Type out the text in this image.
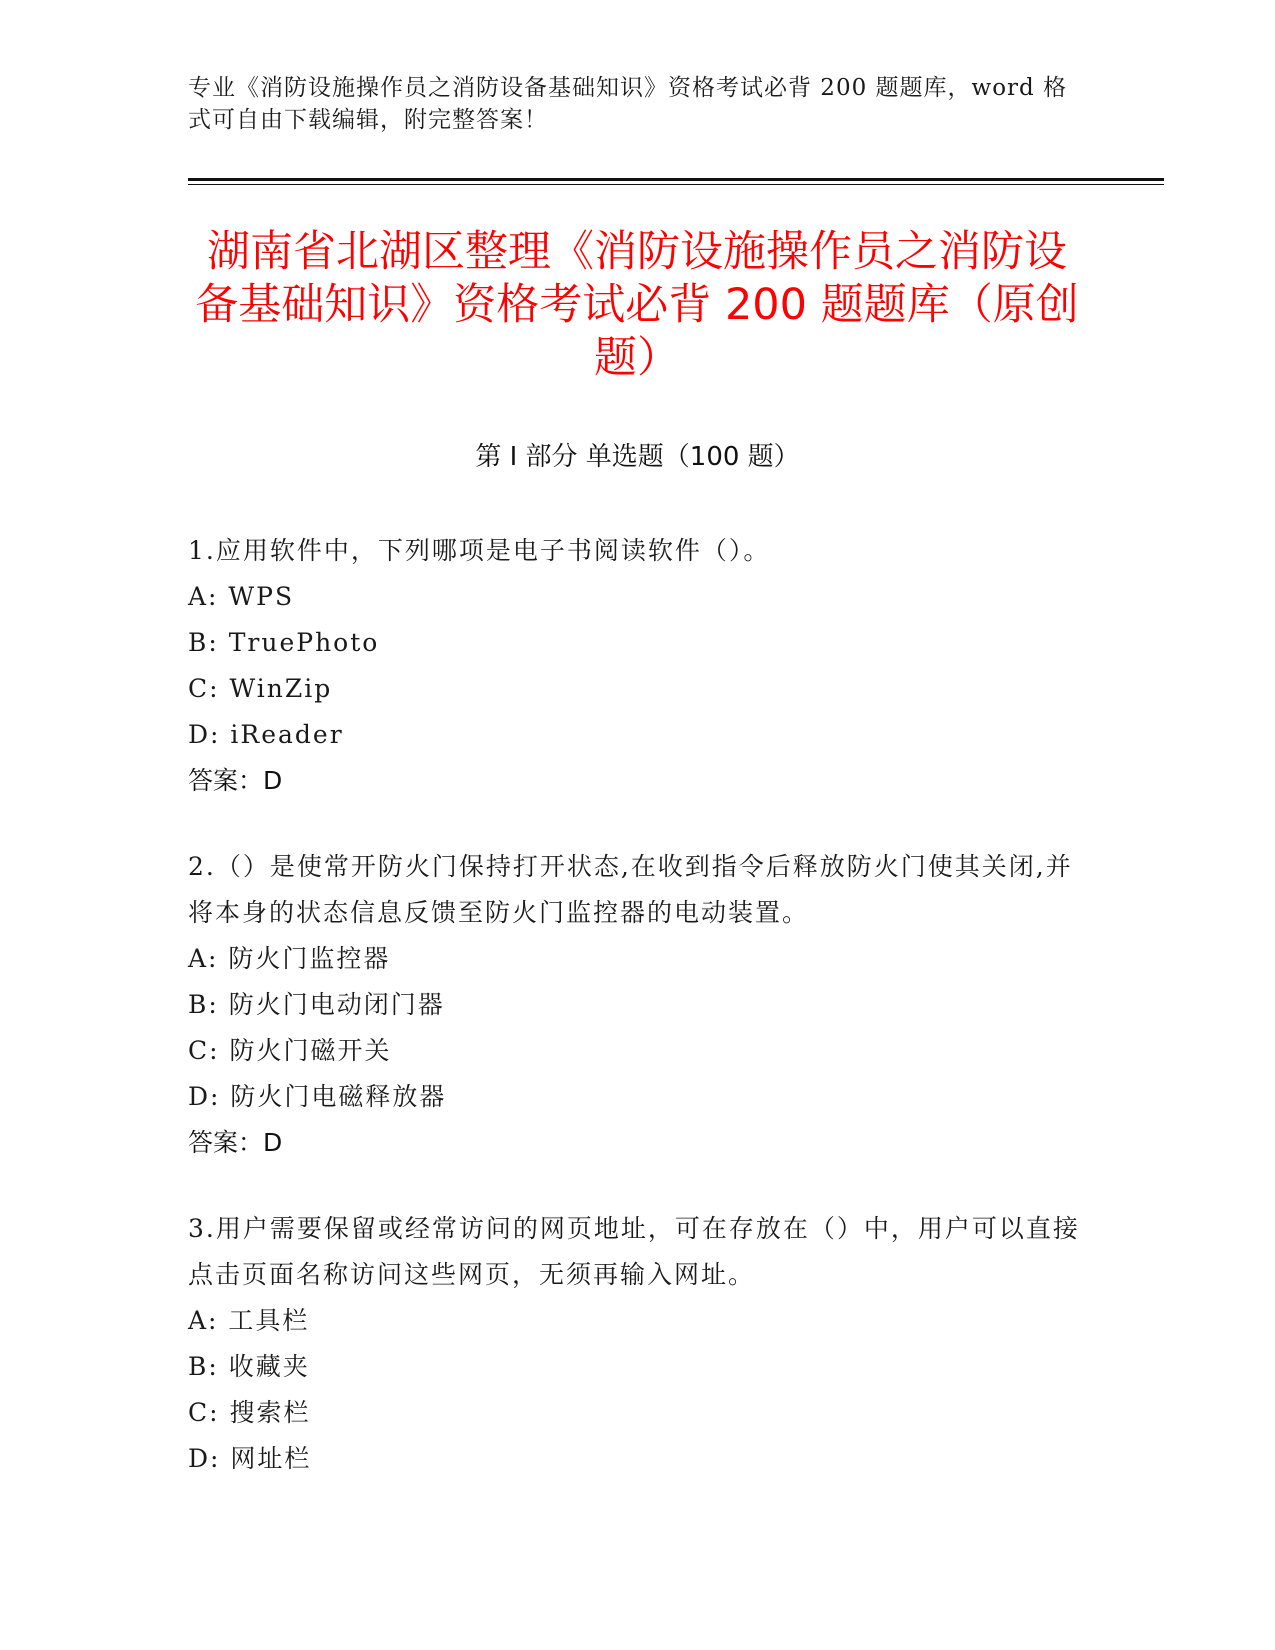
专业《消防设施操作员之消防设备基础知识》资格考试必背 200 题题库，word 格式可自由下载编辑，附完整答案！
湖南省北湖区整理《消防设施操作员之消防设备基础知识》资格考试必背 200 题题库（原创题）
第 I 部分 单选题（100 题）
1.应用软件中，下列哪项是电子书阅读软件（）。
A: WPS
B: TruePhoto
C: WinZip
D: iReader
答案：D
2.（）是使常开防火门保持打开状态,在收到指令后释放防火门使其关闭,并将本身的状态信息反馈至防火门监控器的电动装置。
A: 防火门监控器
B: 防火门电动闭门器
C: 防火门磁开关
D: 防火门电磁释放器
答案：D
3.用户需要保留或经常访问的网页地址，可在存放在（）中，用户可以直接点击页面名称访问这些网页，无须再输入网址。
A: 工具栏
B: 收藏夹
C: 搜索栏
D: 网址栏
